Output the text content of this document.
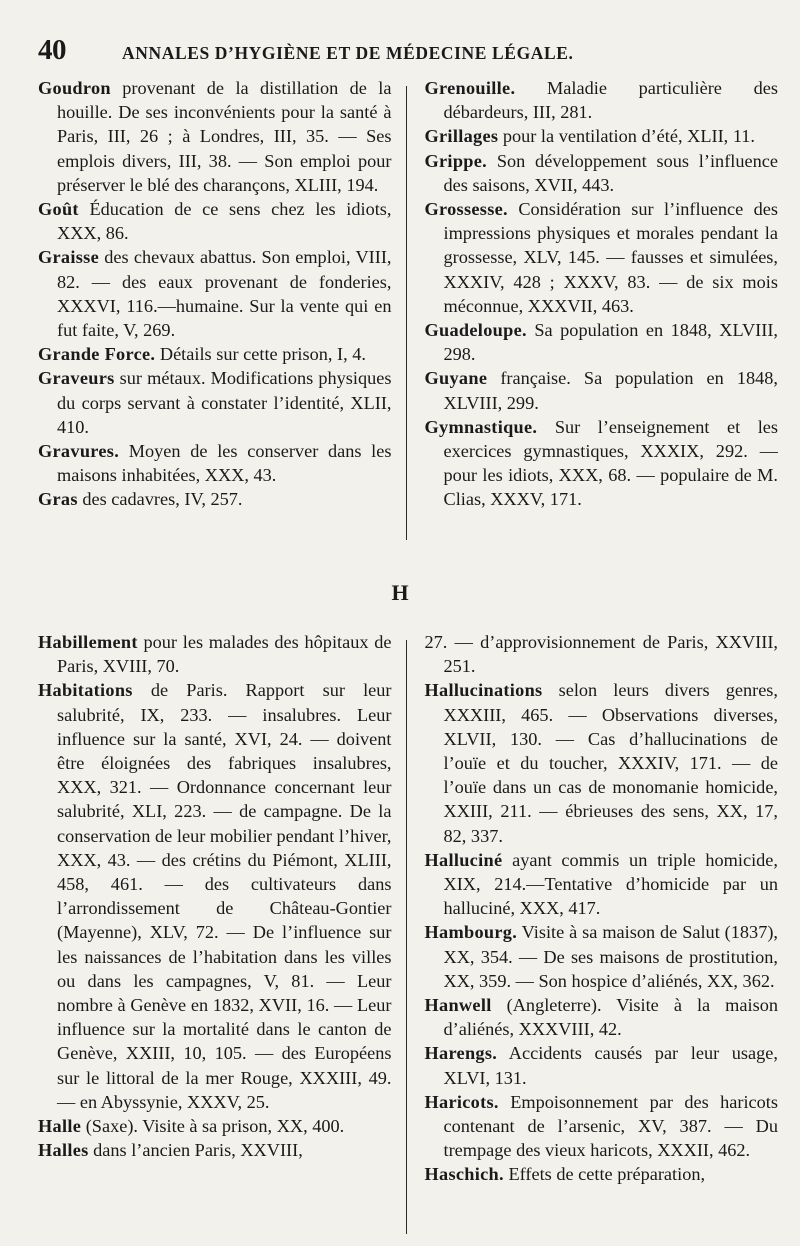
40	ANNALES D’HYGIÈNE ET DE MÉDECINE LÉGALE.

Goudron provenant de la distillation de la houille. De ses inconvénients pour la santé à Paris, III, 26 ; à Londres, III, 35. — Ses emplois divers, III, 38. — Son emploi pour préserver le blé des charançons, XLIII, 194.

Goût Éducation de ce sens chez les idiots, XXX, 86.

Graisse des chevaux abattus. Son emploi, VIII, 82. — des eaux provenant de fonderies, XXXVI, 116.—humaine. Sur la vente qui en fut faite, V, 269.

Grande Force. Détails sur cette prison, I, 4.

Graveurs sur métaux. Modifications physiques du corps servant à constater l’identité, XLII, 410.

Gravures. Moyen de les conserver dans les maisons inhabitées, XXX, 43.

Gras des cadavres, IV, 257.

Grenouille. Maladie particulière des débardeurs, III, 281.

Grillages pour la ventilation d’été, XLII, 11.

Grippe. Son développement sous l’influence des saisons, XVII, 443.

Grossesse. Considération sur l’influence des impressions physiques et morales pendant la grossesse, XLV, 145. — fausses et simulées, XXXIV, 428 ; XXXV, 83. — de six mois méconnue, XXXVII, 463.

Guadeloupe. Sa population en 1848, XLVIII, 298.

Guyane française. Sa population en 1848, XLVIII, 299.

Gymnastique. Sur l’enseignement et les exercices gymnastiques, XXXIX, 292. — pour les idiots, XXX, 68. — populaire de M. Clias, XXXV, 171.

H

Habillement pour les malades des hôpitaux de Paris, XVIII, 70.

Habitations de Paris. Rapport sur leur salubrité, IX, 233. — insalubres. Leur influence sur la santé, XVI, 24. — doivent être éloignées des fabriques insalubres, XXX, 321. — Ordonnance concernant leur salubrité, XLI, 223. — de campagne. De la conservation de leur mobilier pendant l’hiver, XXX, 43. — des crétins du Piémont, XLIII, 458, 461. — des cultivateurs dans l’arrondissement de Château-Gontier (Mayenne), XLV, 72. — De l’influence sur les naissances de l’habitation dans les villes ou dans les campagnes, V, 81. — Leur nombre à Genève en 1832, XVII, 16. — Leur influence sur la mortalité dans le canton de Genève, XXIII, 10, 105. — des Européens sur le littoral de la mer Rouge, XXXIII, 49. — en Abyssynie, XXXV, 25.

Halle (Saxe). Visite à sa prison, XX, 400.

Halles dans l’ancien Paris, XXVIII,

27. — d’approvisionnement de Paris, XXVIII, 251.

Hallucinations selon leurs divers genres, XXXIII, 465. — Observations diverses, XLVII, 130. — Cas d’hallucinations de l’ouïe et du toucher, XXXIV, 171. — de l’ouïe dans un cas de monomanie homicide, XXIII, 211. — ébrieuses des sens, XX, 17, 82, 337.

Halluciné ayant commis un triple homicide, XIX, 214.—Tentative d’homicide par un halluciné, XXX, 417.

Hambourg. Visite à sa maison de Salut (1837), XX, 354. — De ses maisons de prostitution, XX, 359. — Son hospice d’aliénés, XX, 362.

Hanwell (Angleterre). Visite à la maison d’aliénés, XXXVIII, 42.

Harengs. Accidents causés par leur usage, XLVI, 131.

Haricots. Empoisonnement par des haricots contenant de l’arsenic, XV, 387. — Du trempage des vieux haricots, XXXII, 462.

Haschich. Effets de cette préparation,
